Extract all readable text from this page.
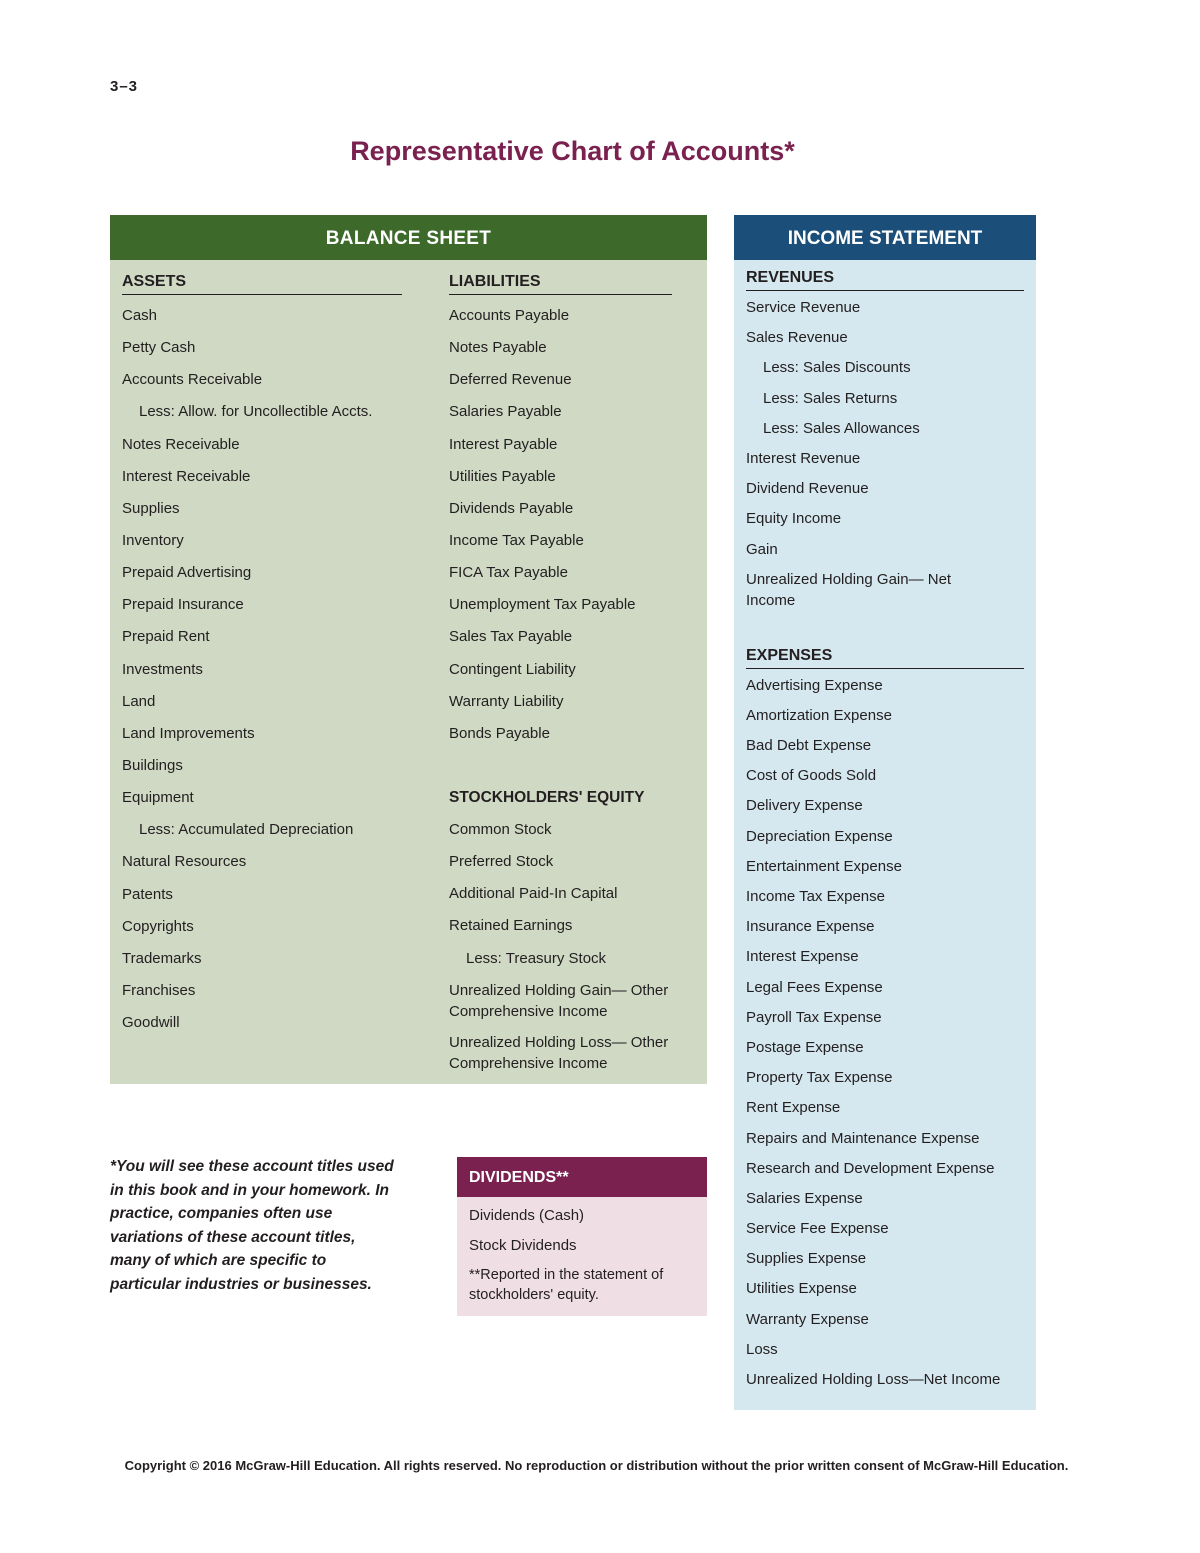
3–3
Representative Chart of Accounts*
BALANCE SHEET
ASSETS
Cash
Petty Cash
Accounts Receivable
Less: Allow. for Uncollectible Accts.
Notes Receivable
Interest Receivable
Supplies
Inventory
Prepaid Advertising
Prepaid Insurance
Prepaid Rent
Investments
Land
Land Improvements
Buildings
Equipment
Less: Accumulated Depreciation
Natural Resources
Patents
Copyrights
Trademarks
Franchises
Goodwill
LIABILITIES
Accounts Payable
Notes Payable
Deferred Revenue
Salaries Payable
Interest Payable
Utilities Payable
Dividends Payable
Income Tax Payable
FICA Tax Payable
Unemployment Tax Payable
Sales Tax Payable
Contingent Liability
Warranty Liability
Bonds Payable
STOCKHOLDERS' EQUITY
Common Stock
Preferred Stock
Additional Paid-In Capital
Retained Earnings
Less: Treasury Stock
Unrealized Holding Gain— Other Comprehensive Income
Unrealized Holding Loss— Other Comprehensive Income
INCOME STATEMENT
REVENUES
Service Revenue
Sales Revenue
Less: Sales Discounts
Less: Sales Returns
Less: Sales Allowances
Interest Revenue
Dividend Revenue
Equity Income
Gain
Unrealized Holding Gain— Net Income
EXPENSES
Advertising Expense
Amortization Expense
Bad Debt Expense
Cost of Goods Sold
Delivery Expense
Depreciation Expense
Entertainment Expense
Income Tax Expense
Insurance Expense
Interest Expense
Legal Fees Expense
Payroll Tax Expense
Postage Expense
Property Tax Expense
Rent Expense
Repairs and Maintenance Expense
Research and Development Expense
Salaries Expense
Service Fee Expense
Supplies Expense
Utilities Expense
Warranty Expense
Loss
Unrealized Holding Loss—Net Income
*You will see these account titles used in this book and in your homework. In practice, companies often use variations of these account titles, many of which are specific to particular industries or businesses.
DIVIDENDS**
Dividends (Cash)
Stock Dividends
**Reported in the statement of stockholders' equity.
Copyright © 2016 McGraw-Hill Education. All rights reserved. No reproduction or distribution without the prior written consent of McGraw-Hill Education.
